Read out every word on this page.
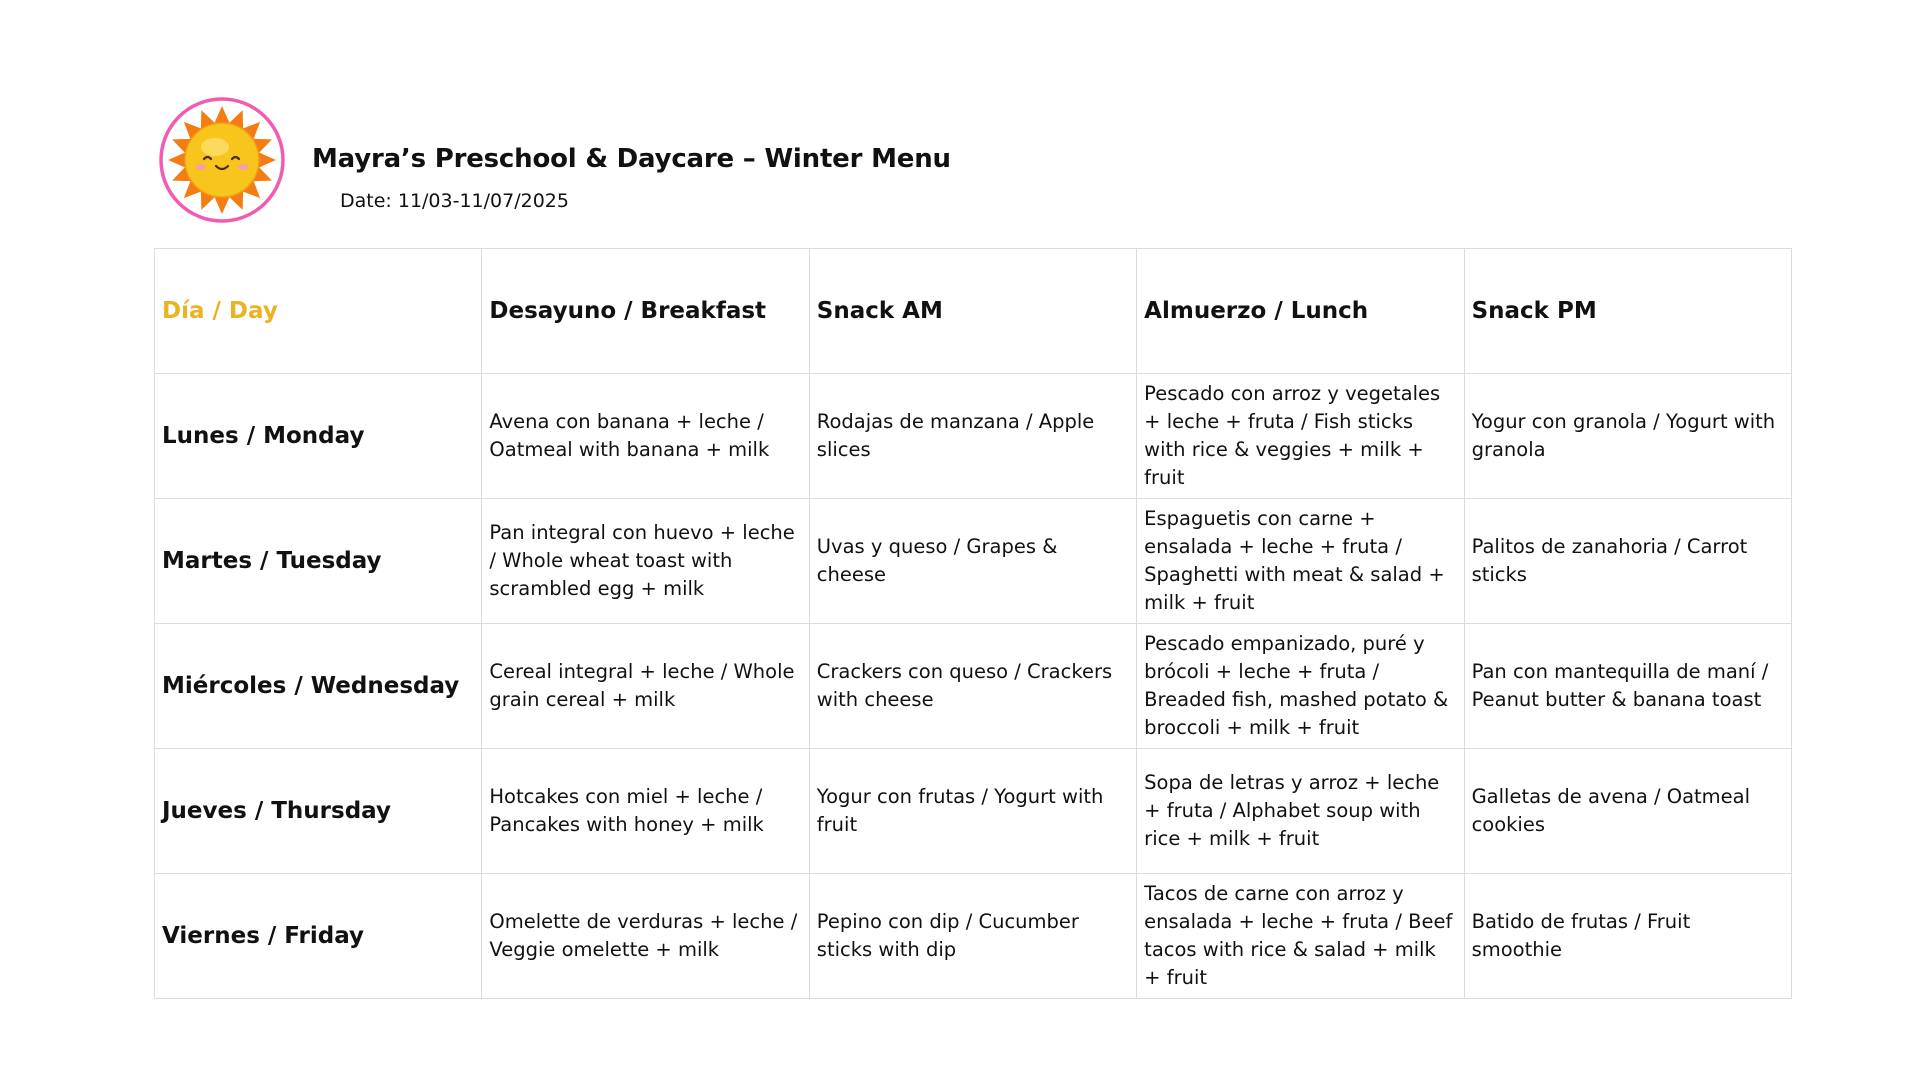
Mayra’s Preschool & Daycare – Winter Menu
Date: 11/03-11/07/2025
Día / Day	Desayuno / Breakfast	Snack AM	Almuerzo / Lunch	Snack PM
Lunes / Monday	Avena con banana + leche / Oatmeal with banana + milk	Rodajas de manzana / Apple slices	Pescado con arroz y vegetales + leche + fruta / Fish sticks with rice & veggies + milk + fruit	Yogur con granola / Yogurt with granola
Martes / Tuesday	Pan integral con huevo + leche / Whole wheat toast with scrambled egg + milk	Uvas y queso / Grapes & cheese	Espaguetis con carne + ensalada + leche + fruta / Spaghetti with meat & salad + milk + fruit	Palitos de zanahoria / Carrot sticks
Miércoles / Wednesday	Cereal integral + leche / Whole grain cereal + milk	Crackers con queso / Crackers with cheese	Pescado empanizado, puré y brócoli + leche + fruta / Breaded fish, mashed potato & broccoli + milk + fruit	Pan con mantequilla de maní / Peanut butter & banana toast
Jueves / Thursday	Hotcakes con miel + leche / Pancakes with honey + milk	Yogur con frutas / Yogurt with fruit	Sopa de letras y arroz + leche + fruta / Alphabet soup with rice + milk + fruit	Galletas de avena / Oatmeal cookies
Viernes / Friday	Omelette de verduras + leche / Veggie omelette + milk	Pepino con dip / Cucumber sticks with dip	Tacos de carne con arroz y ensalada + leche + fruta / Beef tacos with rice & salad + milk + fruit	Batido de frutas / Fruit smoothie
